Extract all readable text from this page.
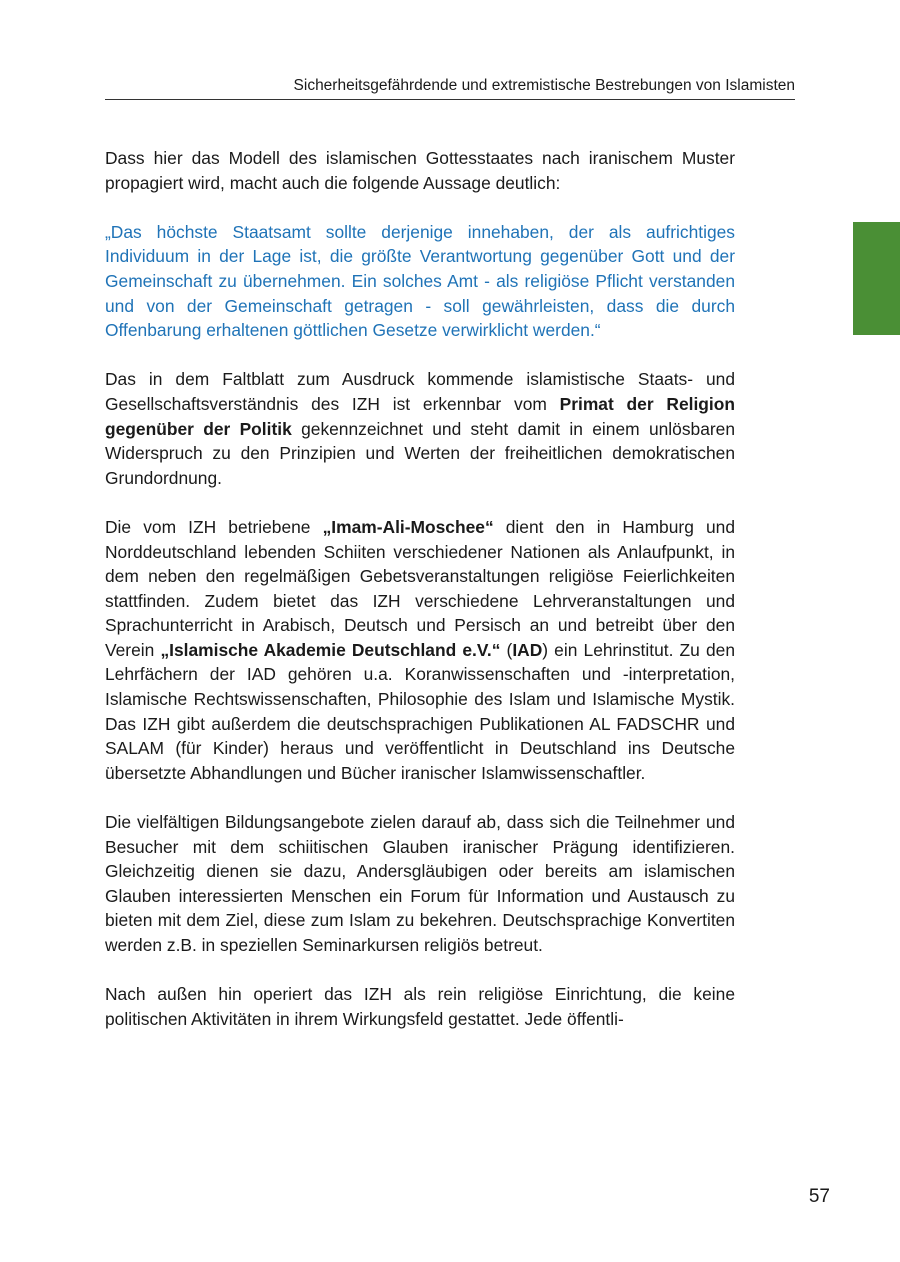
Sicherheitsgefährdende und extremistische Bestrebungen von Islamisten

Dass hier das Modell des islamischen Gottesstaates nach iranischem Muster propagiert wird, macht auch die folgende Aussage deutlich:

„Das höchste Staatsamt sollte derjenige innehaben, der als aufrichtiges Individuum in der Lage ist, die größte Verantwortung gegenüber Gott und der Gemeinschaft zu übernehmen. Ein solches Amt - als religiöse Pflicht verstanden und von der Gemeinschaft getragen - soll gewährleisten, dass die durch Offenbarung erhaltenen göttlichen Gesetze verwirklicht werden.“

Das in dem Faltblatt zum Ausdruck kommende islamistische Staats- und Gesellschaftsverständnis des IZH ist erkennbar vom Primat der Religion gegenüber der Politik gekennzeichnet und steht damit in einem unlösbaren Widerspruch zu den Prinzipien und Werten der freiheitlichen demokratischen Grundordnung.

Die vom IZH betriebene „Imam-Ali-Moschee“ dient den in Hamburg und Norddeutschland lebenden Schiiten verschiedener Nationen als Anlaufpunkt, in dem neben den regelmäßigen Gebetsveranstaltungen religiöse Feierlichkeiten stattfinden. Zudem bietet das IZH verschiedene Lehrveranstaltungen und Sprachunterricht in Arabisch, Deutsch und Persisch an und betreibt über den Verein „Islamische Akademie Deutschland e.V.“ (IAD) ein Lehrinstitut. Zu den Lehrfächern der IAD gehören u.a. Koranwissenschaften und -interpretation, Islamische Rechtswissenschaften, Philosophie des Islam und Islamische Mystik. Das IZH gibt außerdem die deutschsprachigen Publikationen AL FADSCHR und SALAM (für Kinder) heraus und veröffentlicht in Deutschland ins Deutsche übersetzte Abhandlungen und Bücher iranischer Islamwissenschaftler.

Die vielfältigen Bildungsangebote zielen darauf ab, dass sich die Teilnehmer und Besucher mit dem schiitischen Glauben iranischer Prägung identifizieren. Gleichzeitig dienen sie dazu, Andersgläubigen oder bereits am islamischen Glauben interessierten Menschen ein Forum für Information und Austausch zu bieten mit dem Ziel, diese zum Islam zu bekehren. Deutschsprachige Konvertiten werden z.B. in speziellen Seminarkursen religiös betreut.

Nach außen hin operiert das IZH als rein religiöse Einrichtung, die keine politischen Aktivitäten in ihrem Wirkungsfeld gestattet. Jede öffentli-

57
